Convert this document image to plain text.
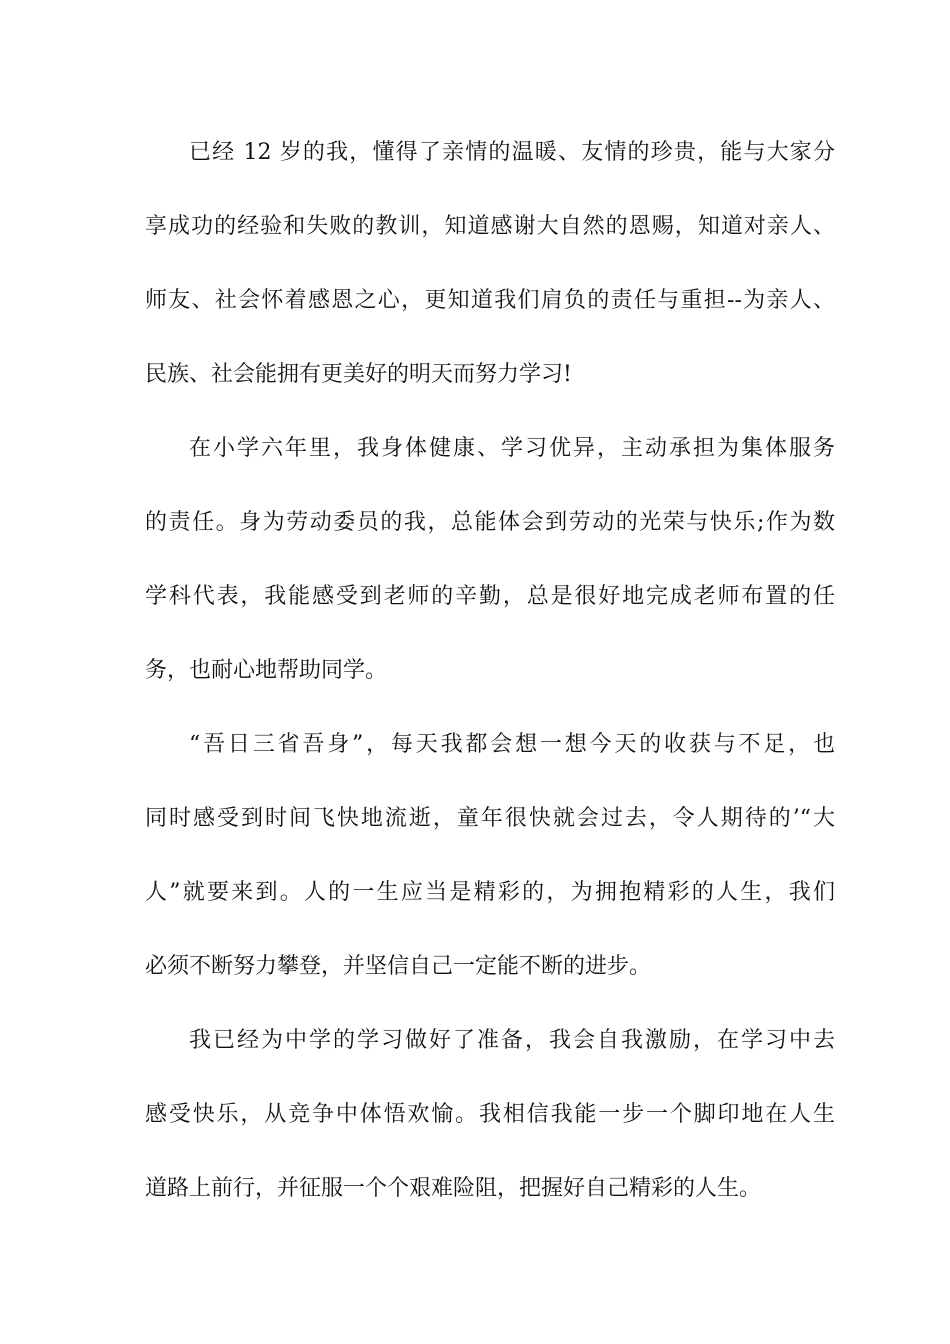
已经 12 岁的我，懂得了亲情的温暖、友情的珍贵，能与大家分
享成功的经验和失败的教训，知道感谢大自然的恩赐，知道对亲人、
师友、社会怀着感恩之心，更知道我们肩负的责任与重担--为亲人、
民族、社会能拥有更美好的明天而努力学习!
在小学六年里，我身体健康、学习优异，主动承担为集体服务
的责任。身为劳动委员的我，总能体会到劳动的光荣与快乐;作为数
学科代表，我能感受到老师的辛勤，总是很好地完成老师布置的任
务，也耐心地帮助同学。
“吾日三省吾身”，每天我都会想一想今天的收获与不足，也
同时感受到时间飞快地流逝，童年很快就会过去，令人期待的’“大
人”就要来到。人的一生应当是精彩的，为拥抱精彩的人生，我们
必须不断努力攀登，并坚信自己一定能不断的进步。
我已经为中学的学习做好了准备，我会自我激励，在学习中去
感受快乐，从竞争中体悟欢愉。我相信我能一步一个脚印地在人生
道路上前行，并征服一个个艰难险阻，把握好自己精彩的人生。
